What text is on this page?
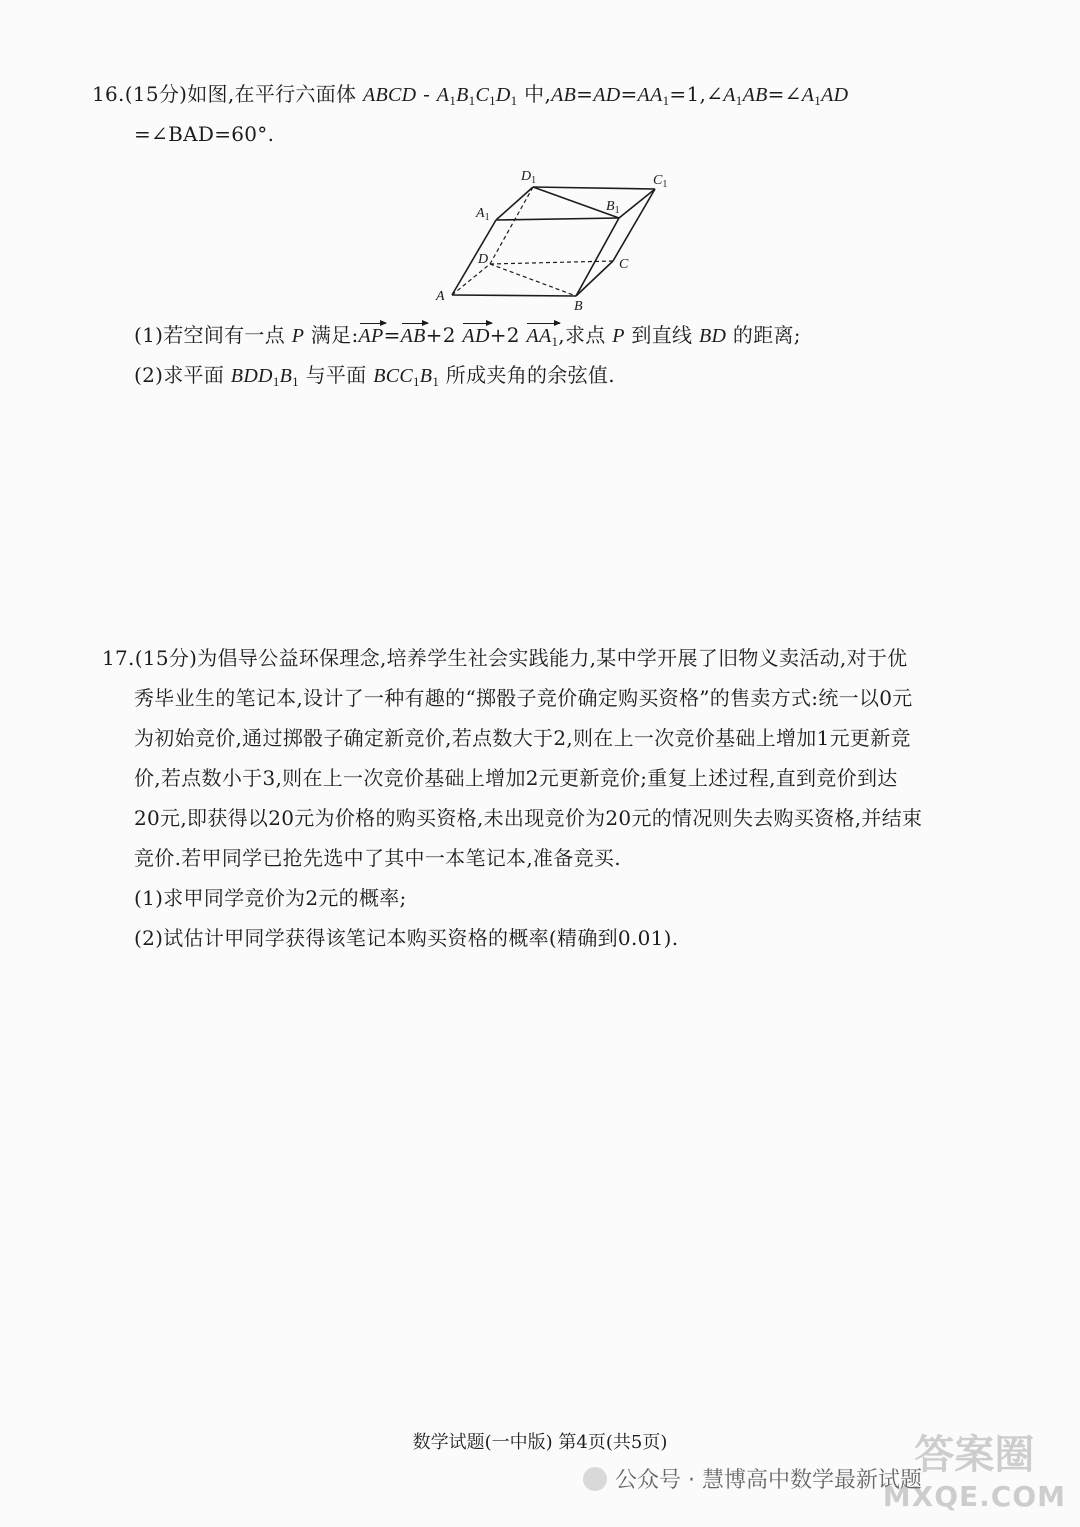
16.(15分)如图,在平行六面体 ABCD - $A_1B_1C_1D_1$ 中$,AB=AD=AA_1=1,\angle A_1AB=\angle A_1AD$
=∠BAD=60°.
A
B
C
D
$A_1$
$B_1$
$C_1$
$D_1$
(1)若空间有一点 P 满足:AP=AB+2 AD+2 $AA_1$,求点 P 到直线 BD 的距离;
(2)求平面 $BDD_1B_1$ 与平面 $BCC_1B_1$ 所成夹角的余弦值.
17.(15分)为倡导公益环保理念,培养学生社会实践能力,某中学开展了旧物义卖活动,对于优
秀毕业生的笔记本,设计了一种有趣的“掷骰子竞价确定购买资格”的售卖方式:统一以0元
为初始竞价,通过掷骰子确定新竞价,若点数大于2,则在上一次竞价基础上增加1元更新竞
价,若点数小于3,则在上一次竞价基础上增加2元更新竞价;重复上述过程,直到竞价到达
20元,即获得以20元为价格的购买资格,未出现竞价为20元的情况则失去购买资格,并结束
竞价.若甲同学已抢先选中了其中一本笔记本,准备竞买.
(1)求甲同学竞价为2元的概率;
(2)试估计甲同学获得该笔记本购买资格的概率(精确到0.01).
数学试题(一中版) 第4页(共5页)
公众号 · 慧博高中数学最新试题
答案圈
MXQE.COM
